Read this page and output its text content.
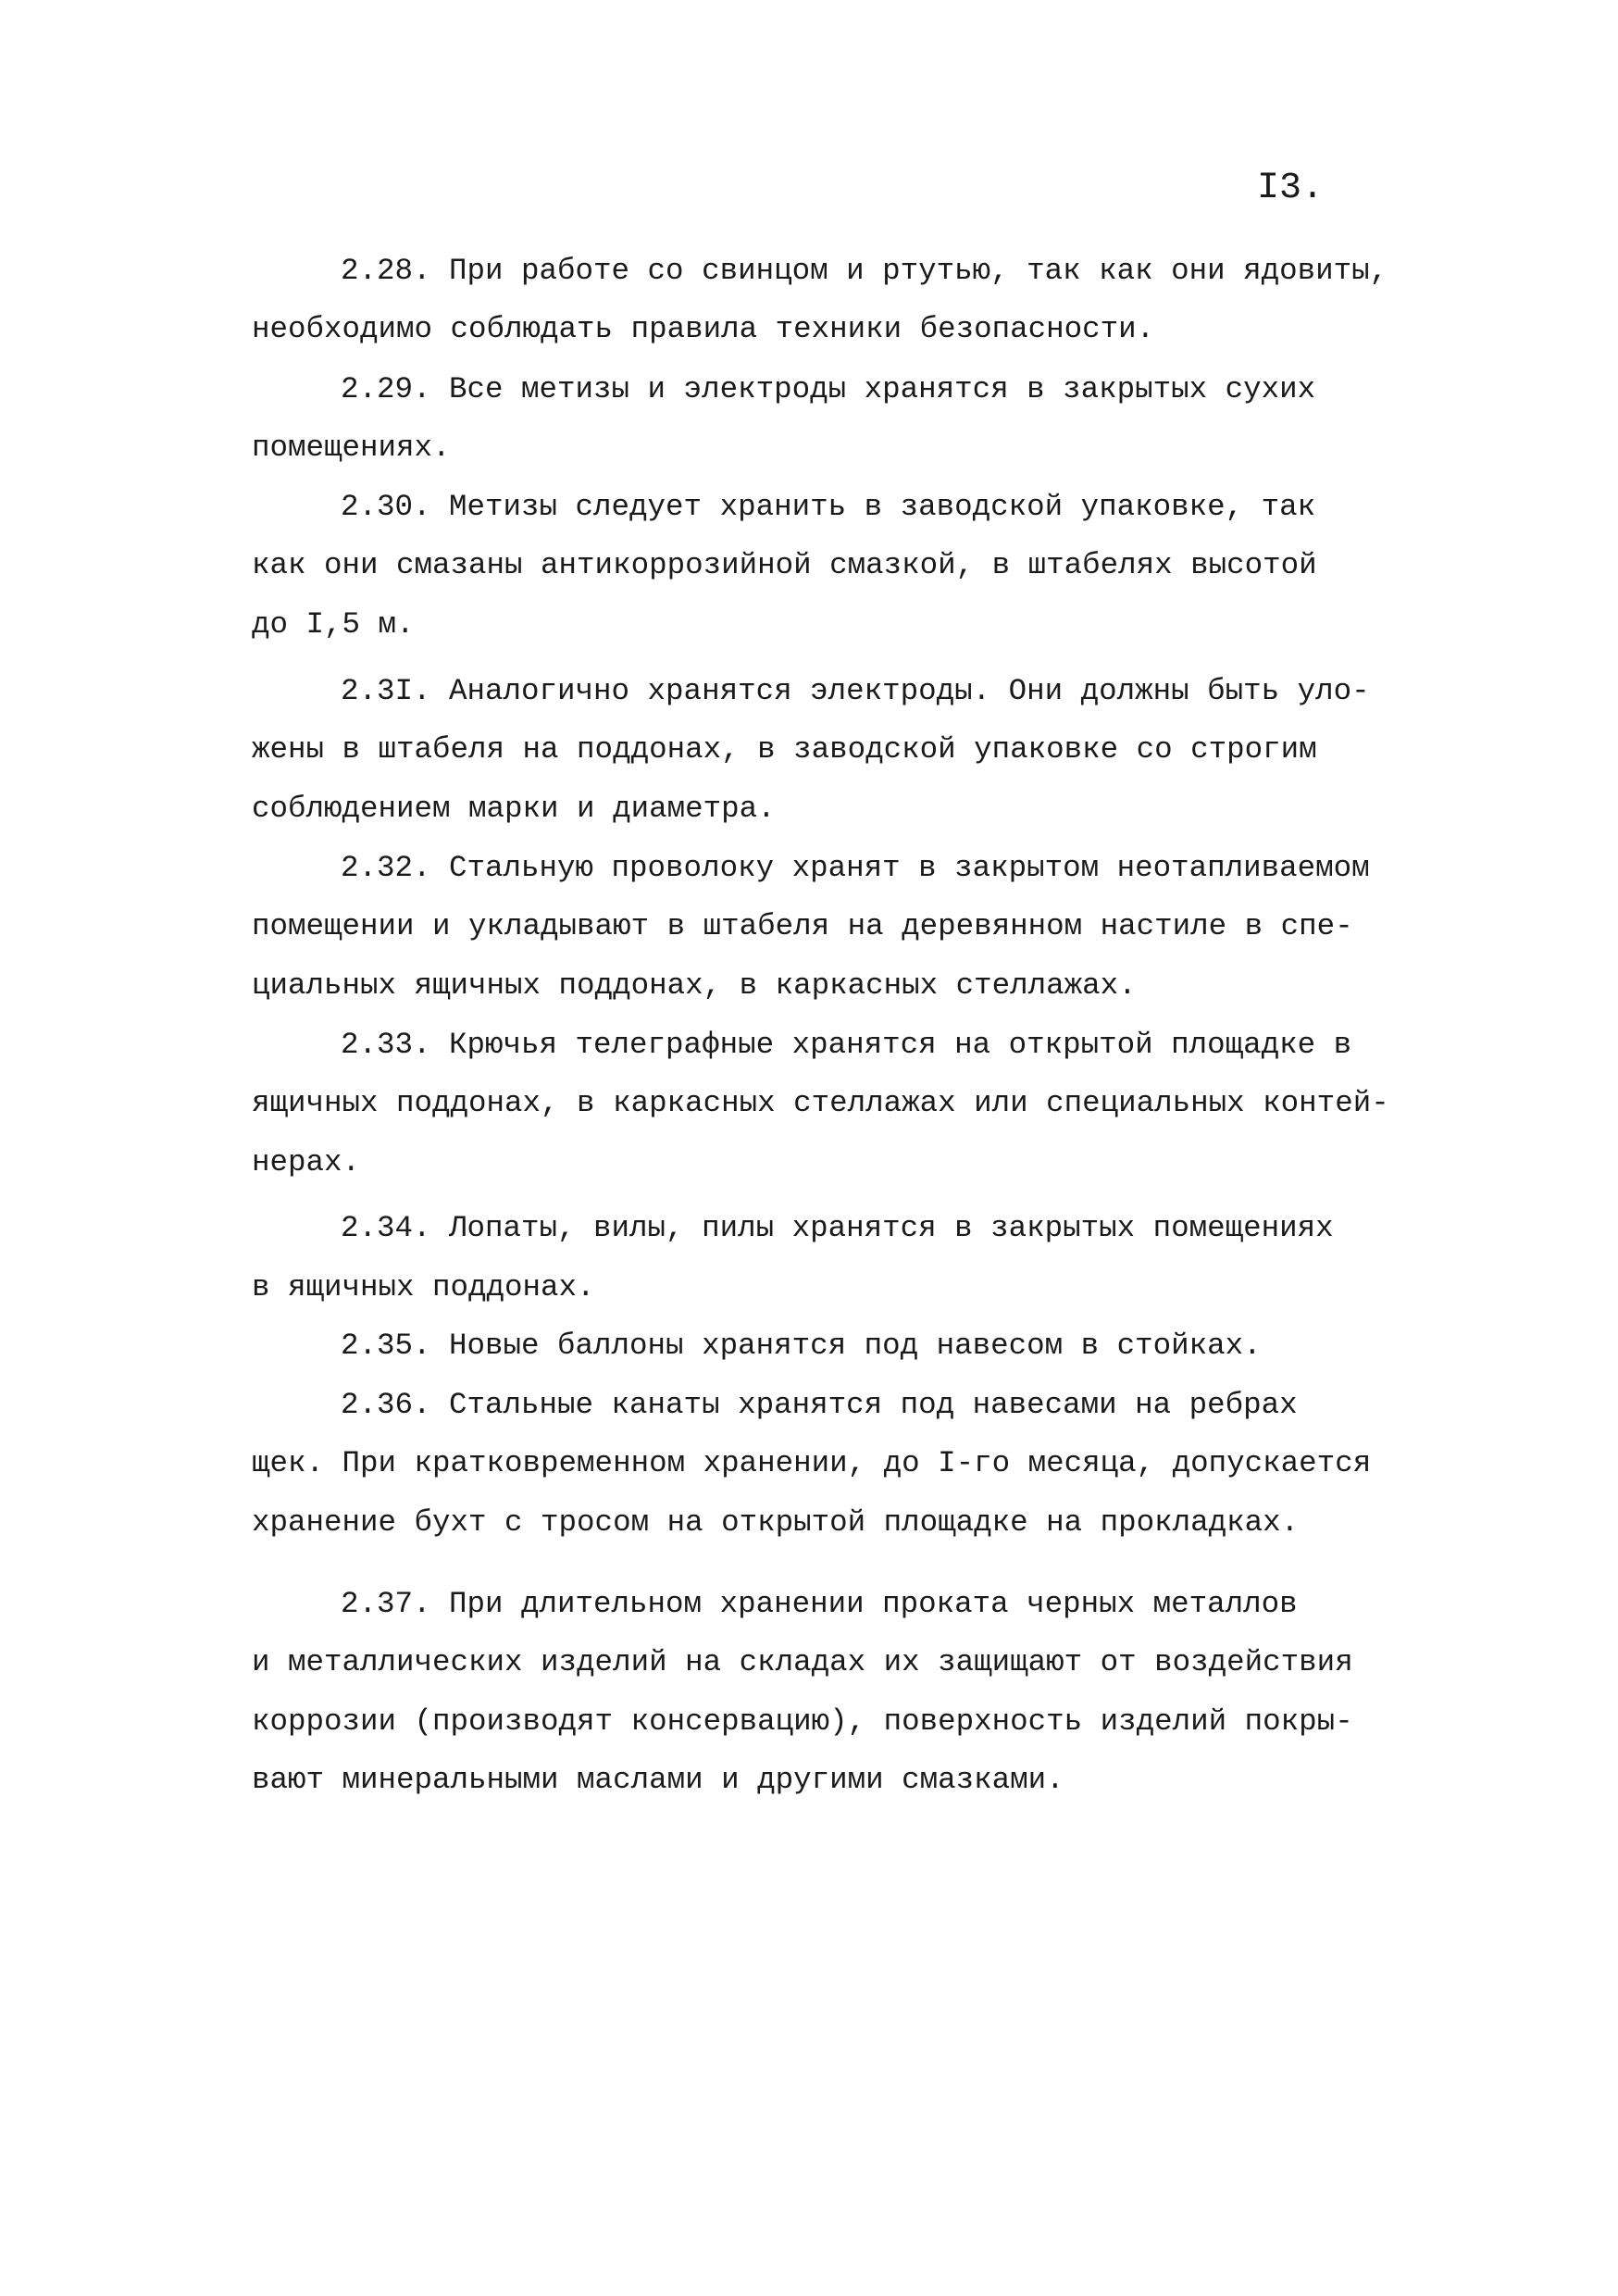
I3.
2.28. При работе со свинцом и ртутью, так как они ядовиты,
необходимо соблюдать правила техники безопасности.
2.29. Все метизы и электроды хранятся в закрытых сухих
помещениях.
2.30. Метизы следует хранить в заводской упаковке, так
как они смазаны антикоррозийной смазкой, в штабелях высотой
до I,5 м.
2.3I. Аналогично хранятся электроды. Они должны быть уло-
жены в штабеля на поддонах, в заводской упаковке со строгим
соблюдением марки и диаметра.
2.32. Стальную проволоку хранят в закрытом неотапливаемом
помещении и укладывают в штабеля на деревянном настиле в спе-
циальных ящичных поддонах, в каркасных стеллажах.
2.33. Крючья телеграфные хранятся на открытой площадке в
ящичных поддонах, в каркасных стеллажах или специальных контей-
нерах.
2.34. Лопаты, вилы, пилы хранятся в закрытых помещениях
в ящичных поддонах.
2.35. Новые баллоны хранятся под навесом в стойках.
2.36. Стальные канаты хранятся под навесами на ребрах
щек. При кратковременном хранении, до I-го месяца, допускается
хранение бухт с тросом на открытой площадке на прокладках.
2.37. При длительном хранении проката черных металлов
и металлических изделий на складах их защищают от воздействия
коррозии (производят консервацию), поверхность изделий покры-
вают минеральными маслами и другими смазками.
